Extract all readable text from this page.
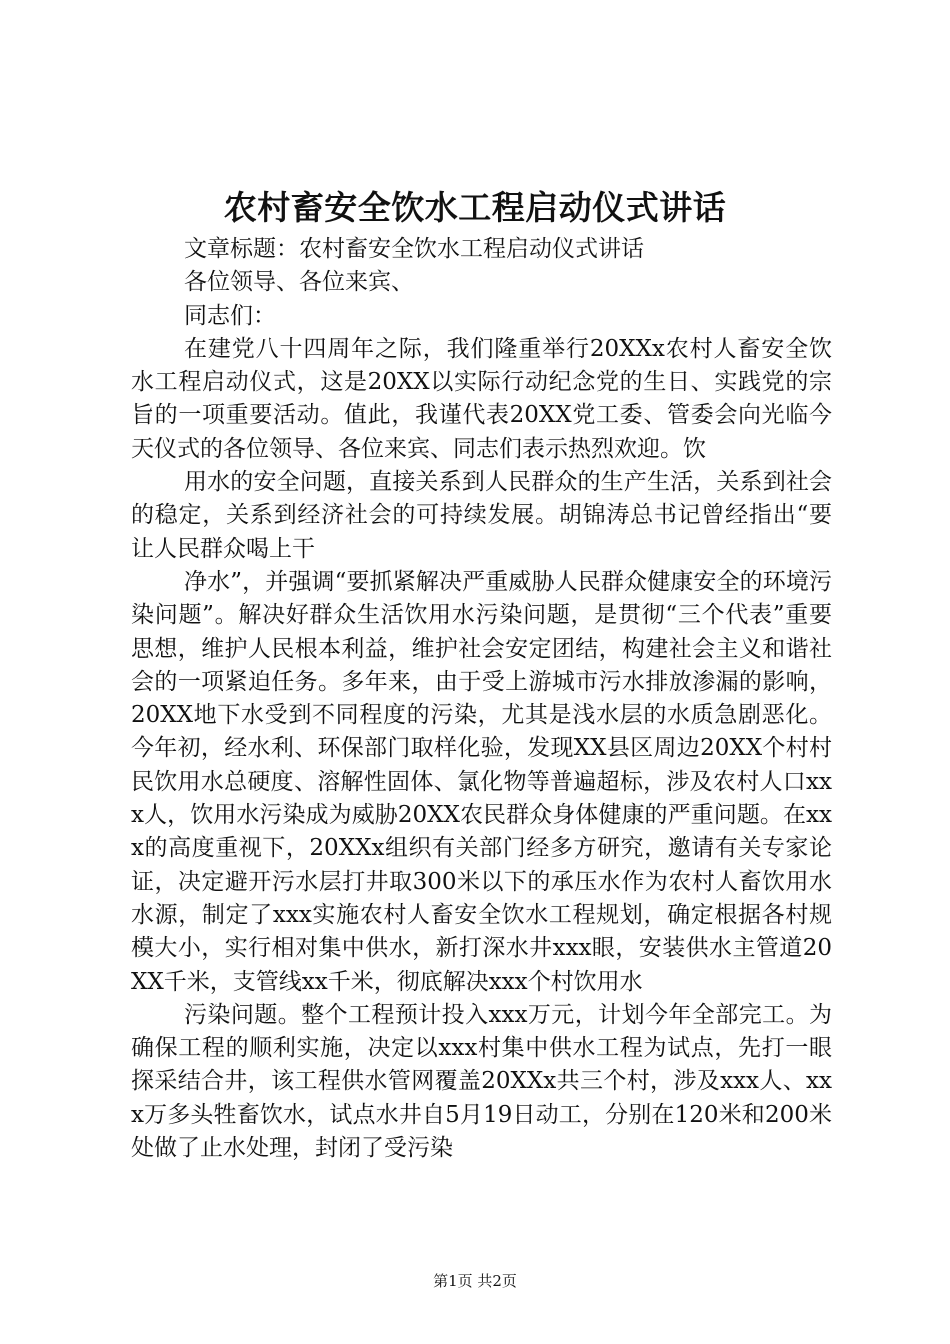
农村畜安全饮水工程启动仪式讲话

文章标题：农村畜安全饮水工程启动仪式讲话

各位领导、各位来宾、

同志们：

在建党八十四周年之际，我们隆重举行20XXx农村人畜安全饮水工程启动仪式，这是20XX以实际行动纪念党的生日、实践党的宗旨的一项重要活动。值此，我谨代表20XX党工委、管委会向光临今天仪式的各位领导、各位来宾、同志们表示热烈欢迎。饮

用水的安全问题，直接关系到人民群众的生产生活，关系到社会的稳定，关系到经济社会的可持续发展。胡锦涛总书记曾经指出“要让人民群众喝上干

净水”，并强调“要抓紧解决严重威胁人民群众健康安全的环境污染问题”。解决好群众生活饮用水污染问题，是贯彻“三个代表”重要思想，维护人民根本利益，维护社会安定团结，构建社会主义和谐社会的一项紧迫任务。多年来，由于受上游城市污水排放渗漏的影响，20XX地下水受到不同程度的污染，尤其是浅水层的水质急剧恶化。今年初，经水利、环保部门取样化验，发现XX县区周边20XX个村村民饮用水总硬度、溶解性固体、氯化物等普遍超标，涉及农村人口xxx人，饮用水污染成为威胁20XX农民群众身体健康的严重问题。在xxx的高度重视下，20XXx组织有关部门经多方研究，邀请有关专家论证，决定避开污水层打井取300米以下的承压水作为农村人畜饮用水水源，制定了xxx实施农村人畜安全饮水工程规划，确定根据各村规模大小，实行相对集中供水，新打深水井xxx眼，安装供水主管道20XX千米，支管线xx千米，彻底解决xxx个村饮用水

污染问题。整个工程预计投入xxx万元，计划今年全部完工。为确保工程的顺利实施，决定以xxx村集中供水工程为试点，先打一眼探采结合井，该工程供水管网覆盖20XXx共三个村，涉及xxx人、xxx万多头牲畜饮水，试点水井自5月19日动工，分别在120米和200米处做了止水处理，封闭了受污染

第1页 共2页
